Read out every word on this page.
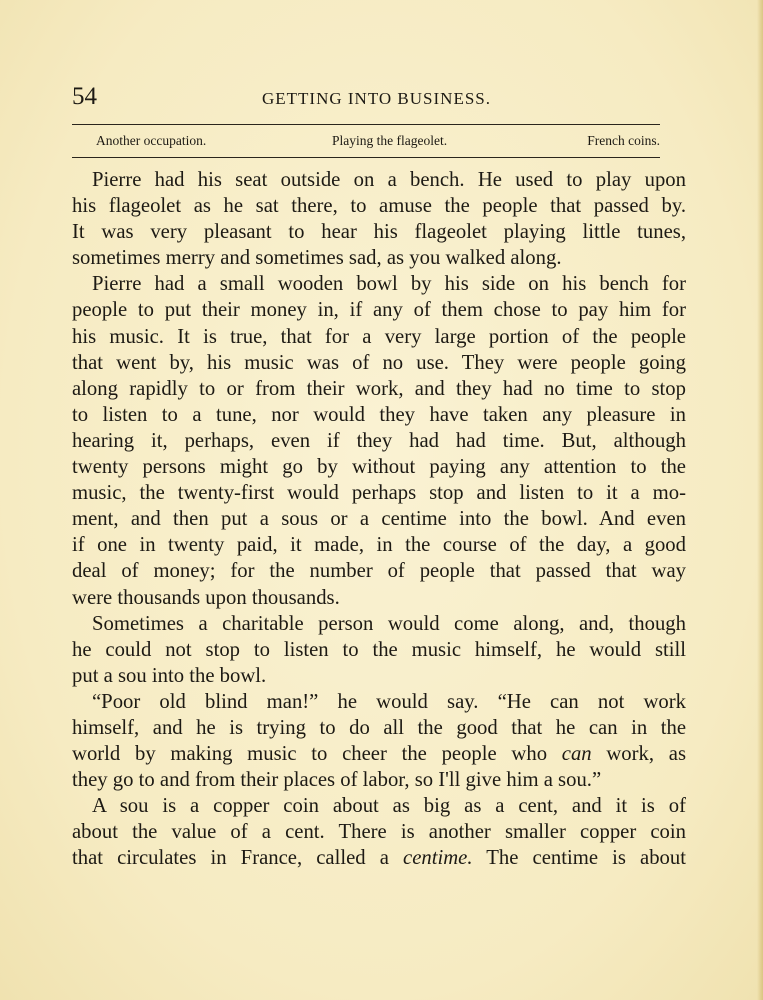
54	GETTING INTO BUSINESS.
Another occupation.	Playing the flageolet.	French coins.
Pierre had his seat outside on a bench. He used to play upon
his flageolet as he sat there, to amuse the people that passed by.
It was very pleasant to hear his flageolet playing little tunes,
sometimes merry and sometimes sad, as you walked along.
Pierre had a small wooden bowl by his side on his bench for
people to put their money in, if any of them chose to pay him for
his music. It is true, that for a very large portion of the people
that went by, his music was of no use. They were people going
along rapidly to or from their work, and they had no time to stop
to listen to a tune, nor would they have taken any pleasure in
hearing it, perhaps, even if they had had time. But, although
twenty persons might go by without paying any attention to the
music, the twenty-first would perhaps stop and listen to it a mo-
ment, and then put a sous or a centime into the bowl. And even
if one in twenty paid, it made, in the course of the day, a good
deal of money; for the number of people that passed that way
were thousands upon thousands.
Sometimes a charitable person would come along, and, though
he could not stop to listen to the music himself, he would still
put a sou into the bowl.
“Poor old blind man!” he would say. “He can not work
himself, and he is trying to do all the good that he can in the
world by making music to cheer the people who can work, as
they go to and from their places of labor, so I'll give him a sou.”
A sou is a copper coin about as big as a cent, and it is of
about the value of a cent. There is another smaller copper coin
that circulates in France, called a centime. The centime is about
